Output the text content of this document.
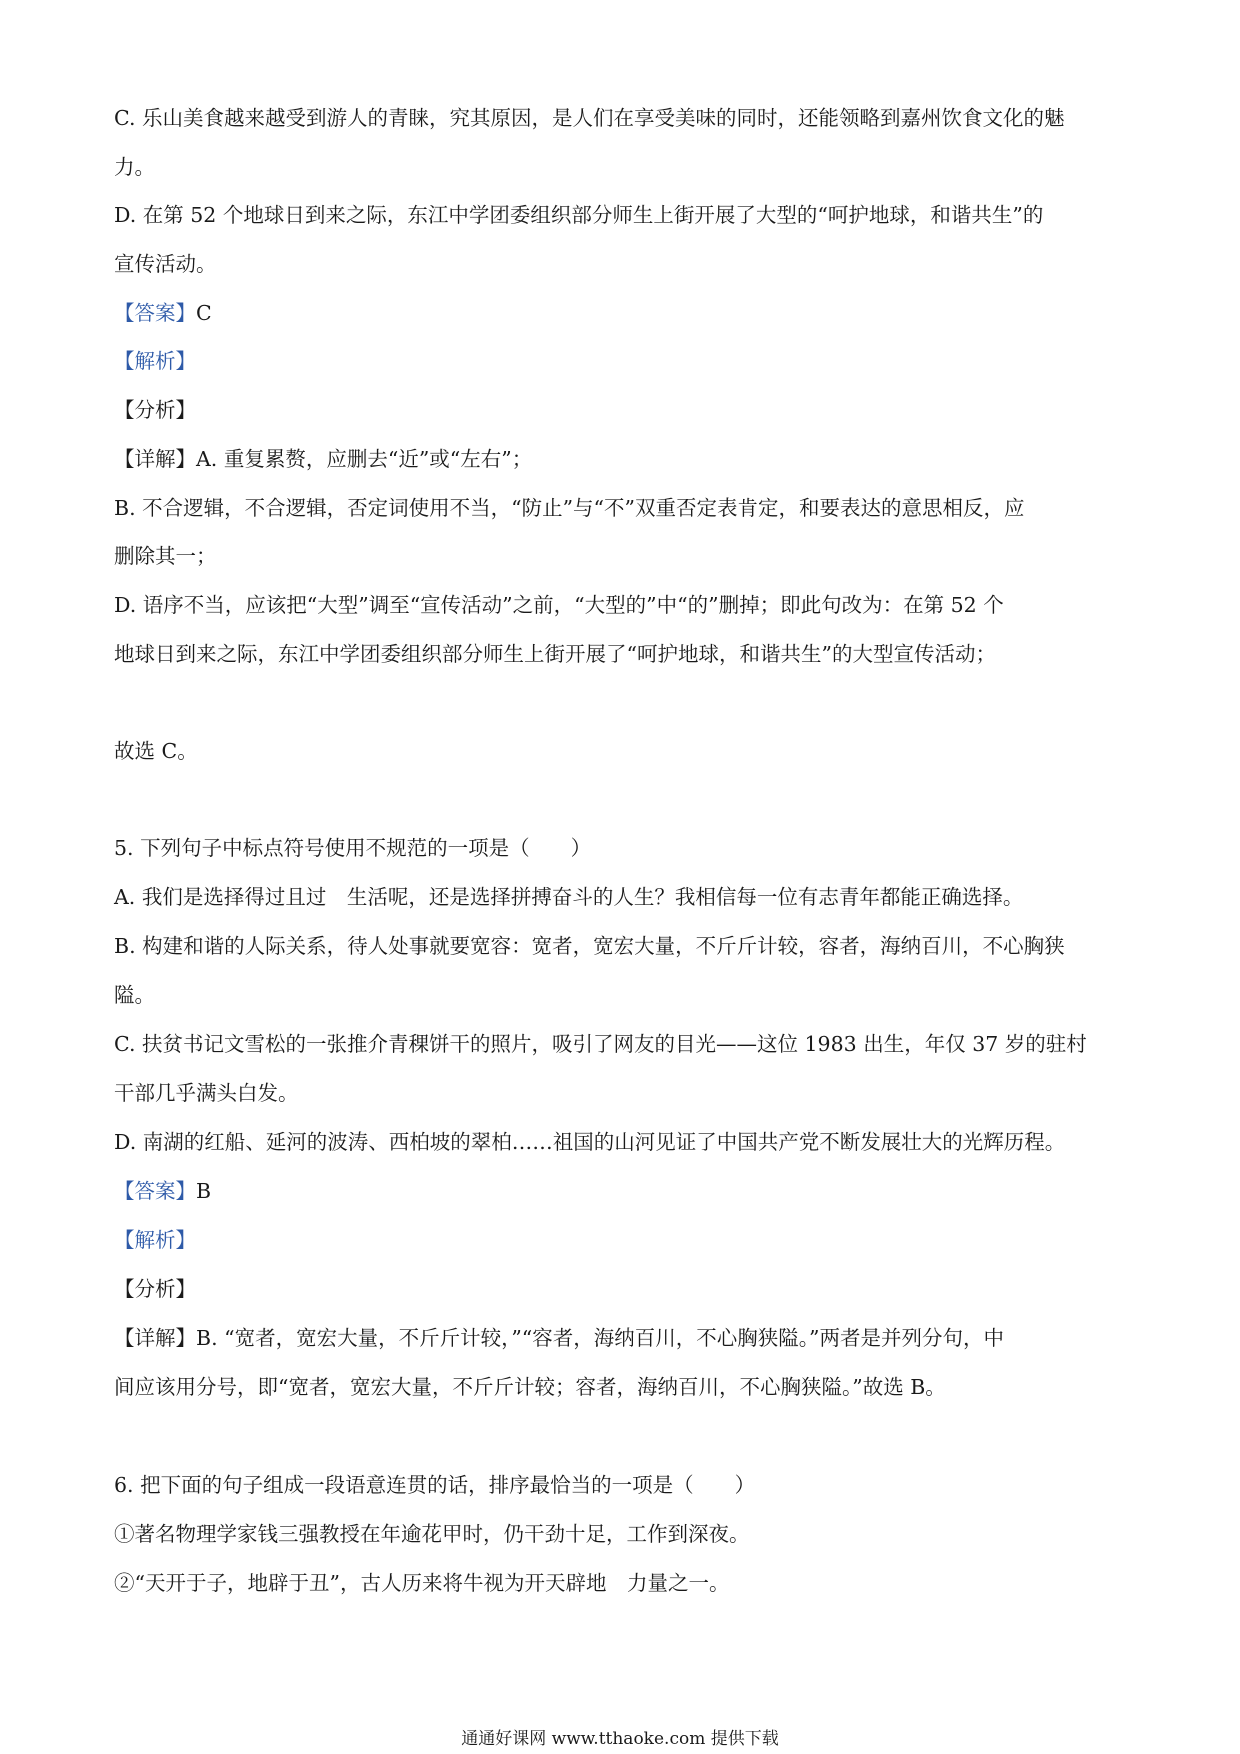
C. 乐山美食越来越受到游人的青睐，究其原因，是人们在享受美味的同时，还能领略到嘉州饮食文化的魅
力。
D. 在第 52 个地球日到来之际，东江中学团委组织部分师生上街开展了大型的“呵护地球，和谐共生”的
宣传活动。
【答案】C
【解析】
【分析】
【详解】A. 重复累赘，应删去“近”或“左右”；
B. 不合逻辑，不合逻辑，否定词使用不当，“防止”与“不”双重否定表肯定，和要表达的意思相反，应
删除其一；
D. 语序不当，应该把“大型”调至“宣传活动”之前，“大型的”中“的”删掉；即此句改为：在第 52 个
地球日到来之际，东江中学团委组织部分师生上街开展了“呵护地球，和谐共生”的大型宣传活动；
故选 C。
5. 下列句子中标点符号使用不规范的一项是（　　）
A. 我们是选择得过且过　生活呢，还是选择拼搏奋斗的人生？我相信每一位有志青年都能正确选择。
B. 构建和谐的人际关系，待人处事就要宽容：宽者，宽宏大量，不斤斤计较，容者，海纳百川，不心胸狭
隘。
C. 扶贫书记文雪松的一张推介青稞饼干的照片，吸引了网友的目光——这位 1983 出生，年仅 37 岁的驻村
干部几乎满头白发。
D. 南湖的红船、延河的波涛、西柏坡的翠柏……祖国的山河见证了中国共产党不断发展壮大的光辉历程。
【答案】B
【解析】
【分析】
【详解】B. “宽者，宽宏大量，不斤斤计较，”“容者，海纳百川，不心胸狭隘。”两者是并列分句，中
间应该用分号，即“宽者，宽宏大量，不斤斤计较；容者，海纳百川，不心胸狭隘。”故选 B。
6. 把下面的句子组成一段语意连贯的话，排序最恰当的一项是（　　）
①著名物理学家钱三强教授在年逾花甲时，仍干劲十足，工作到深夜。
②“天开于子，地辟于丑”，古人历来将牛视为开天辟地　力量之一。
通通好课网 www.tthaoke.com 提供下载
